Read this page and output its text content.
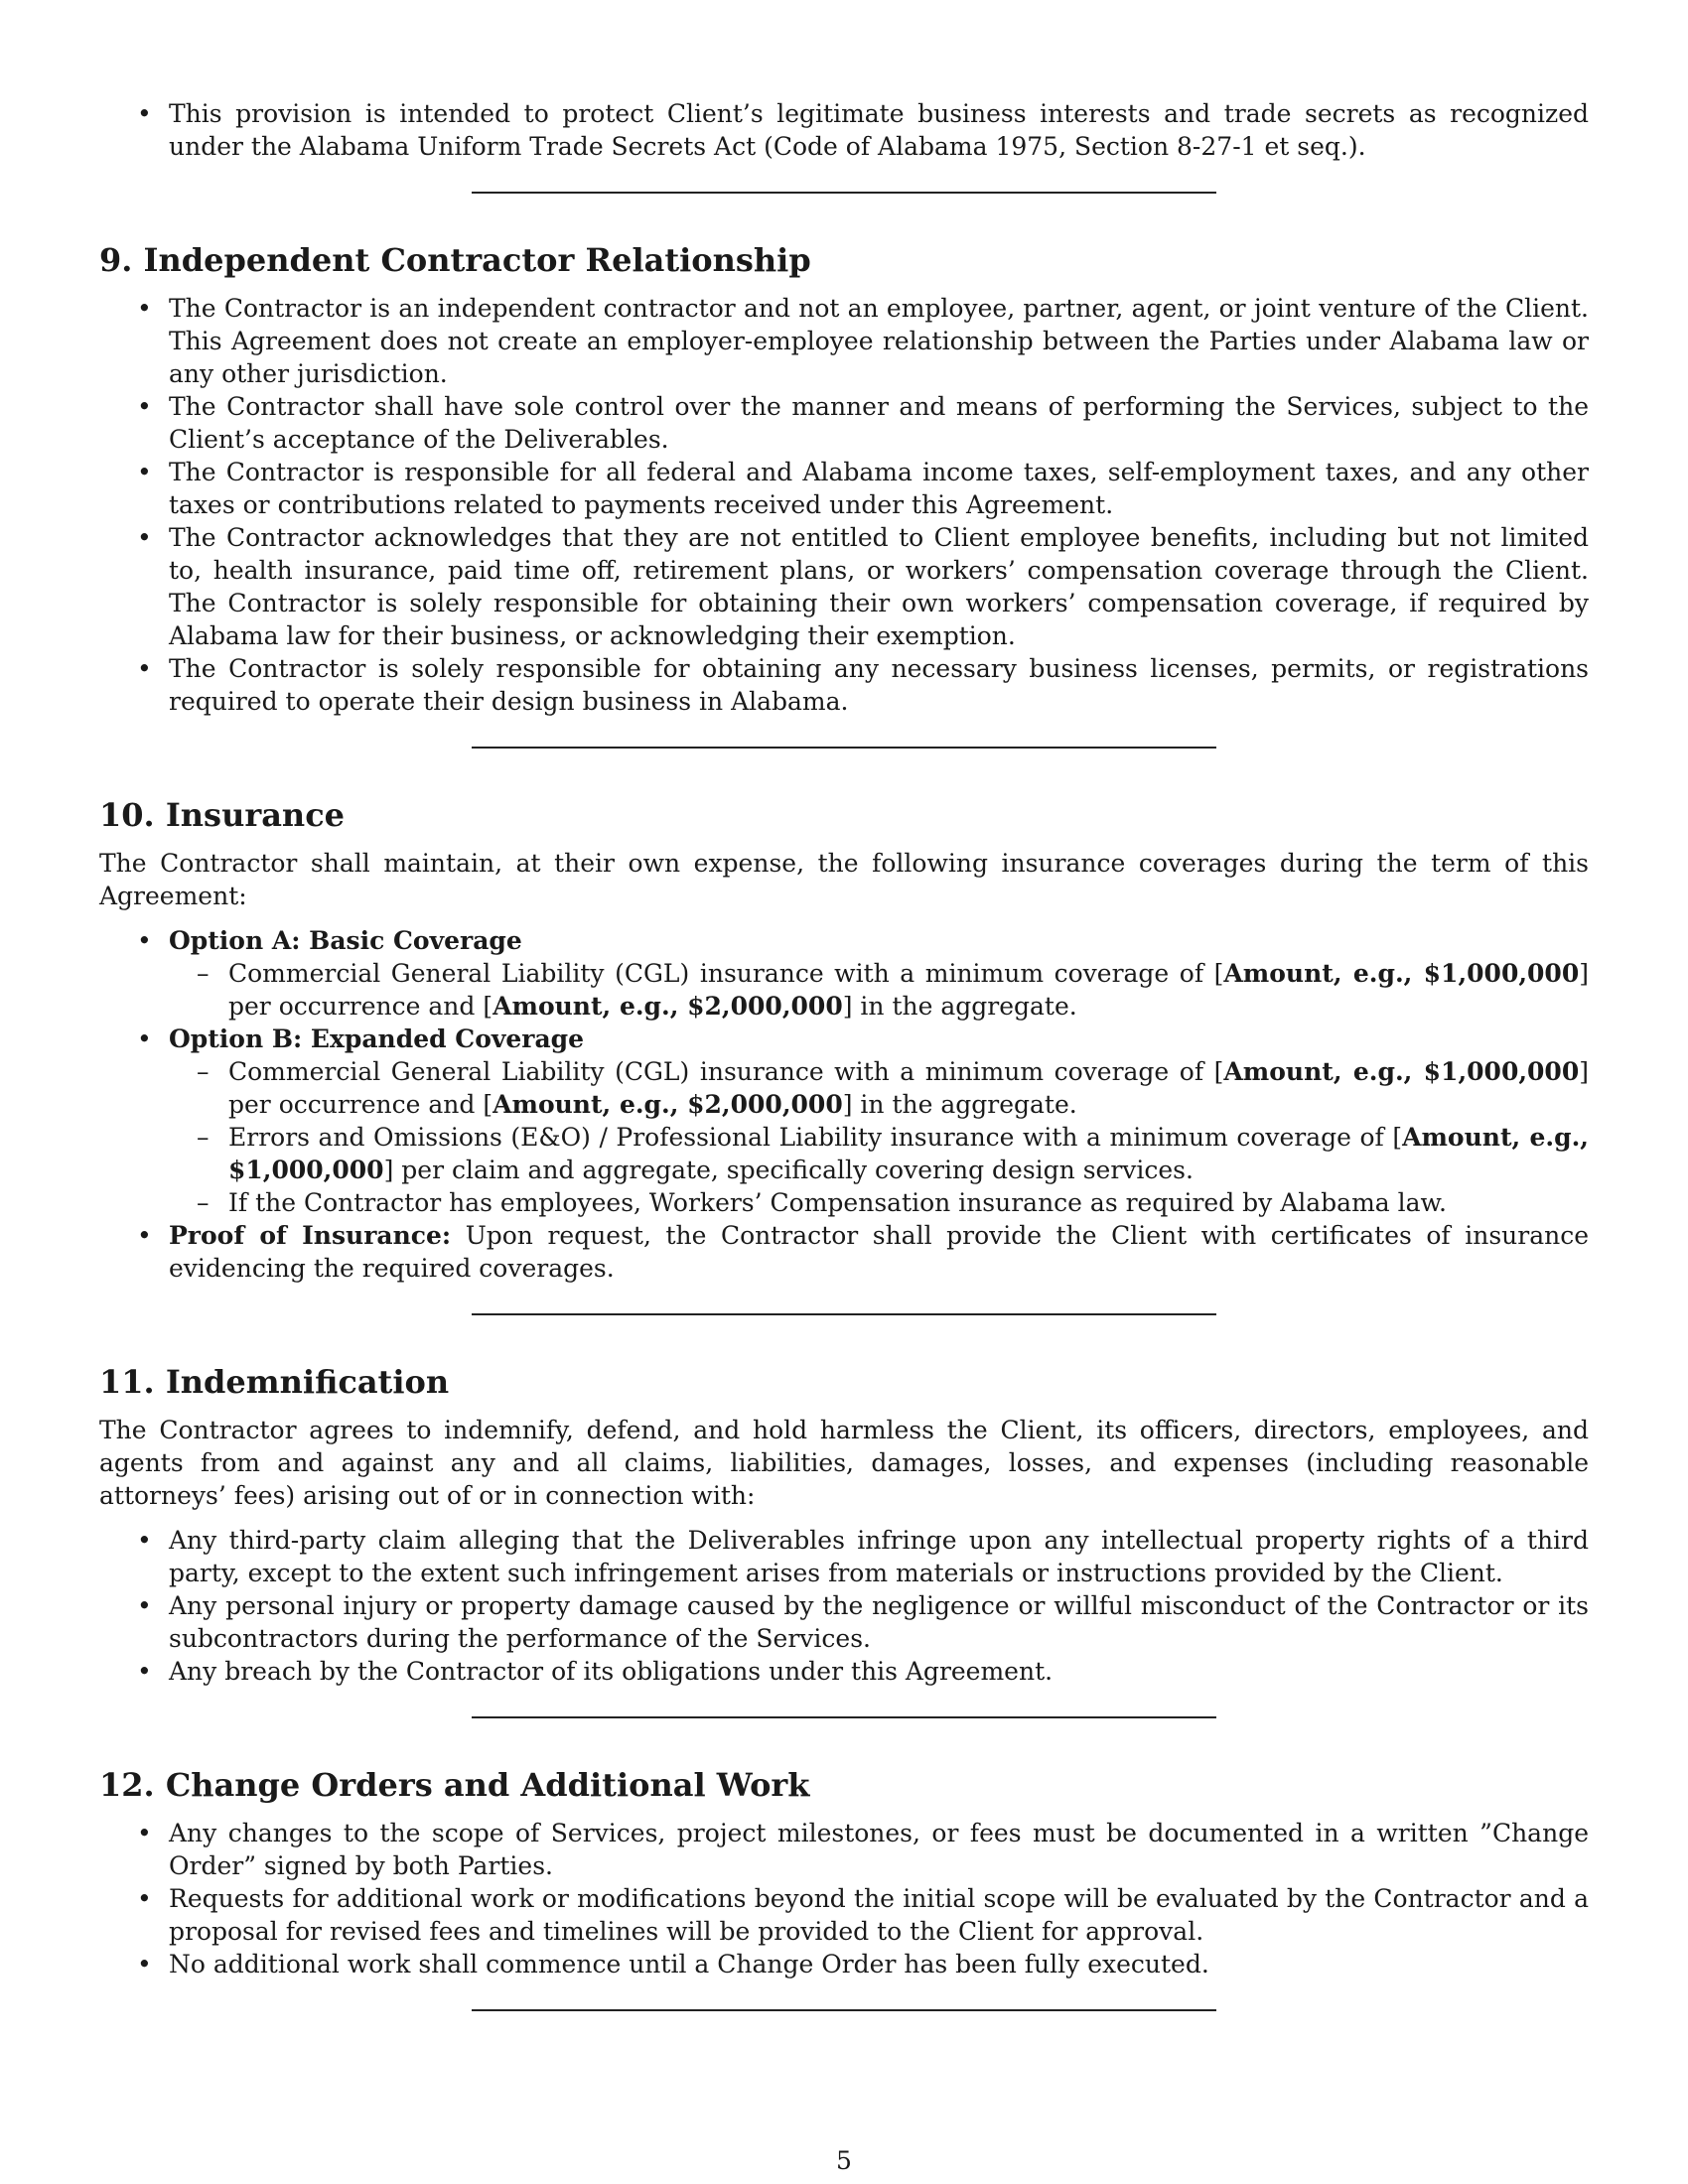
• This provision is intended to protect Client’s legitimate business interests and trade secrets as recognized under the Alabama Uniform Trade Secrets Act (Code of Alabama 1975, Section 8-27-1 et seq.).
9. Independent Contractor Relationship
• The Contractor is an independent contractor and not an employee, partner, agent, or joint venture of the Client. This Agreement does not create an employer-employee relationship between the Parties under Alabama law or any other jurisdiction.
• The Contractor shall have sole control over the manner and means of performing the Services, subject to the Client’s acceptance of the Deliverables.
• The Contractor is responsible for all federal and Alabama income taxes, self-employment taxes, and any other taxes or contributions related to payments received under this Agreement.
• The Contractor acknowledges that they are not entitled to Client employee benefits, including but not limited to, health insurance, paid time off, retirement plans, or workers’ compensation coverage through the Client. The Contractor is solely responsible for obtaining their own workers’ compensation coverage, if required by Alabama law for their business, or acknowledging their exemption.
• The Contractor is solely responsible for obtaining any necessary business licenses, permits, or registrations required to operate their design business in Alabama.
10. Insurance

The Contractor shall maintain, at their own expense, the following insurance coverages during the term of this Agreement:

• Option A: Basic Coverage
– Commercial General Liability (CGL) insurance with a minimum coverage of [Amount, e.g., $1,000,000] per occurrence and [Amount, e.g., $2,000,000] in the aggregate.
• Option B: Expanded Coverage
– Commercial General Liability (CGL) insurance with a minimum coverage of [Amount, e.g., $1,000,000] per occurrence and [Amount, e.g., $2,000,000] in the aggregate.
– Errors and Omissions (E&O) / Professional Liability insurance with a minimum coverage of [Amount, e.g., $1,000,000] per claim and aggregate, specifically covering design services.
– If the Contractor has employees, Workers’ Compensation insurance as required by Alabama law.
• Proof of Insurance: Upon request, the Contractor shall provide the Client with certificates of insurance evidencing the required coverages.
11. Indemnification

The Contractor agrees to indemnify, defend, and hold harmless the Client, its officers, directors, employees, and agents from and against any and all claims, liabilities, damages, losses, and expenses (including reasonable attorneys’ fees) arising out of or in connection with:

• Any third-party claim alleging that the Deliverables infringe upon any intellectual property rights of a third party, except to the extent such infringement arises from materials or instructions provided by the Client.
• Any personal injury or property damage caused by the negligence or willful misconduct of the Contractor or its subcontractors during the performance of the Services.
• Any breach by the Contractor of its obligations under this Agreement.
12. Change Orders and Additional Work
• Any changes to the scope of Services, project milestones, or fees must be documented in a written ”Change Order” signed by both Parties.
• Requests for additional work or modifications beyond the initial scope will be evaluated by the Contractor and a proposal for revised fees and timelines will be provided to the Client for approval.
• No additional work shall commence until a Change Order has been fully executed.
5
